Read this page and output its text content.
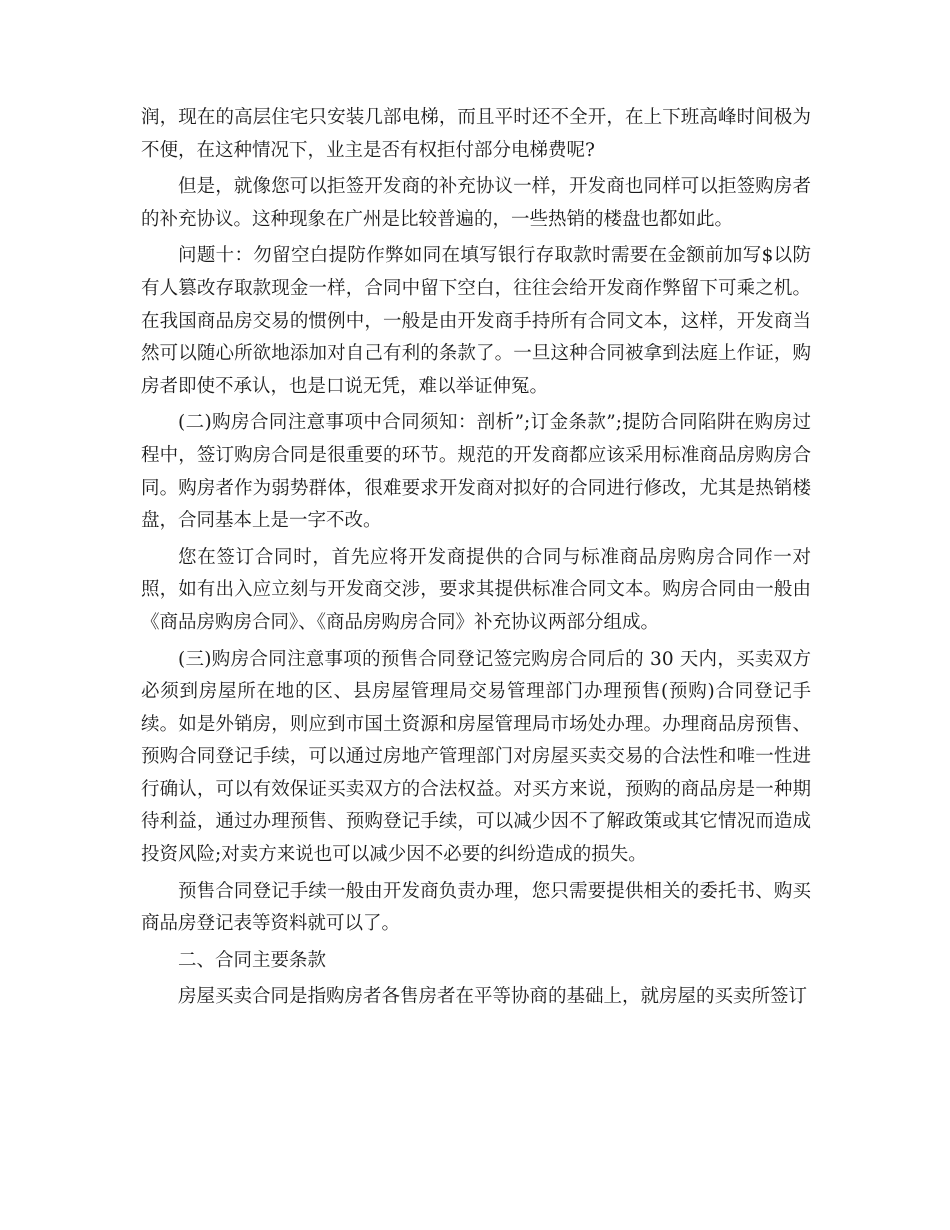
润，现在的高层住宅只安装几部电梯，而且平时还不全开，在上下班高峰时间极为不便，在这种情况下，业主是否有权拒付部分电梯费呢?

但是，就像您可以拒签开发商的补充协议一样，开发商也同样可以拒签购房者的补充协议。这种现象在广州是比较普遍的，一些热销的楼盘也都如此。

问题十：勿留空白提防作弊如同在填写银行存取款时需要在金额前加写$以防有人篡改存取款现金一样，合同中留下空白，往往会给开发商作弊留下可乘之机。在我国商品房交易的惯例中，一般是由开发商手持所有合同文本，这样，开发商当然可以随心所欲地添加对自己有利的条款了。一旦这种合同被拿到法庭上作证，购房者即使不承认，也是口说无凭，难以举证伸冤。

(二)购房合同注意事项中合同须知：剖析”;订金条款”;提防合同陷阱在购房过程中，签订购房合同是很重要的环节。规范的开发商都应该采用标准商品房购房合同。购房者作为弱势群体，很难要求开发商对拟好的合同进行修改，尤其是热销楼盘，合同基本上是一字不改。

您在签订合同时，首先应将开发商提供的合同与标准商品房购房合同作一对照，如有出入应立刻与开发商交涉，要求其提供标准合同文本。购房合同由一般由《商品房购房合同》、《商品房购房合同》补充协议两部分组成。

(三)购房合同注意事项的预售合同登记签完购房合同后的 30 天内，买卖双方必须到房屋所在地的区、县房屋管理局交易管理部门办理预售(预购)合同登记手续。如是外销房，则应到市国土资源和房屋管理局市场处办理。办理商品房预售、预购合同登记手续，可以通过房地产管理部门对房屋买卖交易的合法性和唯一性进行确认，可以有效保证买卖双方的合法权益。对买方来说，预购的商品房是一种期待利益，通过办理预售、预购登记手续，可以减少因不了解政策或其它情况而造成投资风险;对卖方来说也可以减少因不必要的纠纷造成的损失。

预售合同登记手续一般由开发商负责办理，您只需要提供相关的委托书、购买商品房登记表等资料就可以了。

二、合同主要条款

房屋买卖合同是指购房者各售房者在平等协商的基础上，就房屋的买卖所签订
